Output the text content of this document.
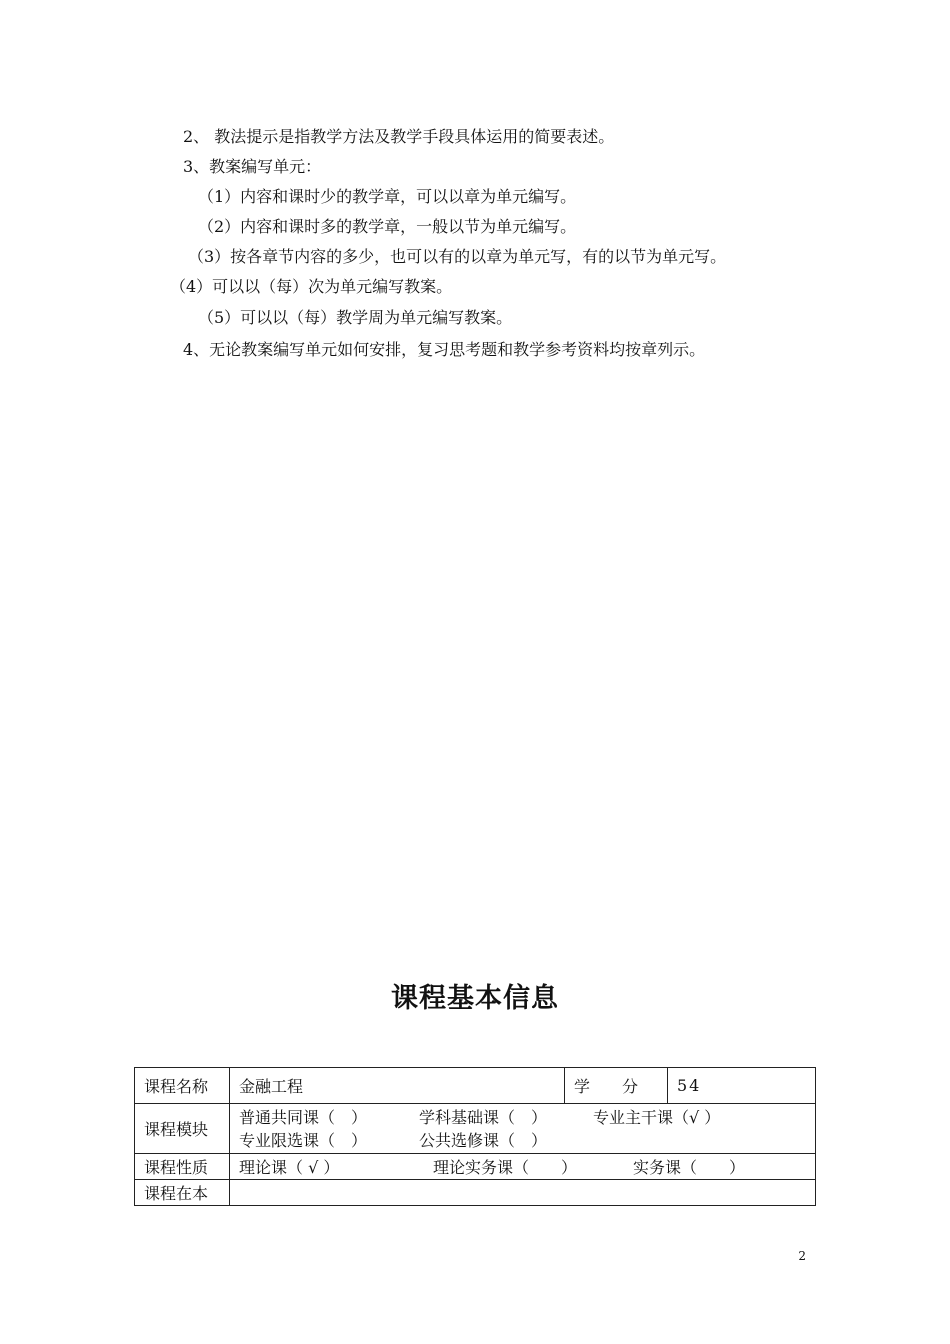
2、 教法提示是指教学方法及教学手段具体运用的简要表述。
3、教案编写单元：
（1）内容和课时少的教学章，可以以章为单元编写。
（2）内容和课时多的教学章，一般以节为单元编写。
（3）按各章节内容的多少，也可以有的以章为单元写，有的以节为单元写。
（4）可以以（每）次为单元编写教案。
（5）可以以（每）教学周为单元编写教案。
4、无论教案编写单元如何安排，复习思考题和教学参考资料均按章列示。
课程基本信息
课程名称	金融工程	学　　分	54
课程模块	普通共同课（　） 学科基础课（　） 专业主干课（√ ）
专业限选课（　） 公共选修课（　）		
课程性质	理论课（ √ ） 理论实务课（　　） 实务课（　　）		
课程在本			
2
